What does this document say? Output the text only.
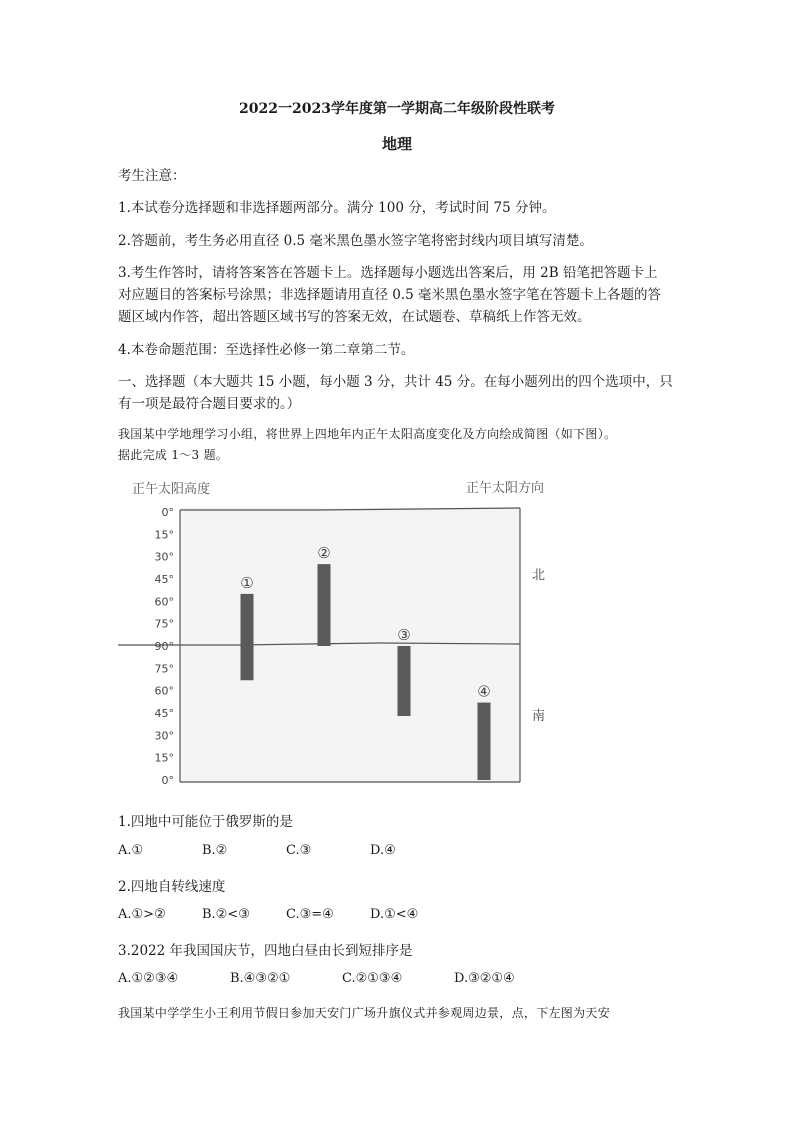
2022一2023学年度第一学期高二年级阶段性联考
地理
考生注意：
1.本试卷分选择题和非选择题两部分。满分 100 分，考试时间 75 分钟。
2.答题前，考生务必用直径 0.5 毫米黑色墨水签字笔将密封线内项目填写清楚。
3.考生作答时，请将答案答在答题卡上。选择题每小题选出答案后，用 2B 铅笔把答题卡上
对应题目的答案标号涂黑；非选择题请用直径 0.5 毫米黑色墨水签字笔在答题卡上各题的答
题区域内作答，超出答题区域书写的答案无效，在试题卷、草稿纸上作答无效。
4.本卷命题范围：至选择性必修一第二章第二节。
一、选择题（本大题共 15 小题，每小题 3 分，共计 45 分。在每小题列出的四个选项中，只
有一项是最符合题目要求的。）
我国某中学地理学习小组，将世界上四地年内正午太阳高度变化及方向绘成简图（如下图）。
据此完成 1～3 题。
正午太阳高度	正午太阳方向
0°
15°
30°
45°
60°
75°
90°
75°
60°
45°
30°
15°
0°
①
②
③
④
北
南
1.四地中可能位于俄罗斯的是
A.①	B.②	C.③	D.④
2.四地自转线速度
A.①>②	B.②<③	C.③=④	D.①<④
3.2022 年我国国庆节，四地白昼由长到短排序是
A.①②③④	B.④③②①	C.②①③④	D.③②①④
我国某中学学生小王利用节假日参加天安门广场升旗仪式并参观周边景，点，下左图为天安
